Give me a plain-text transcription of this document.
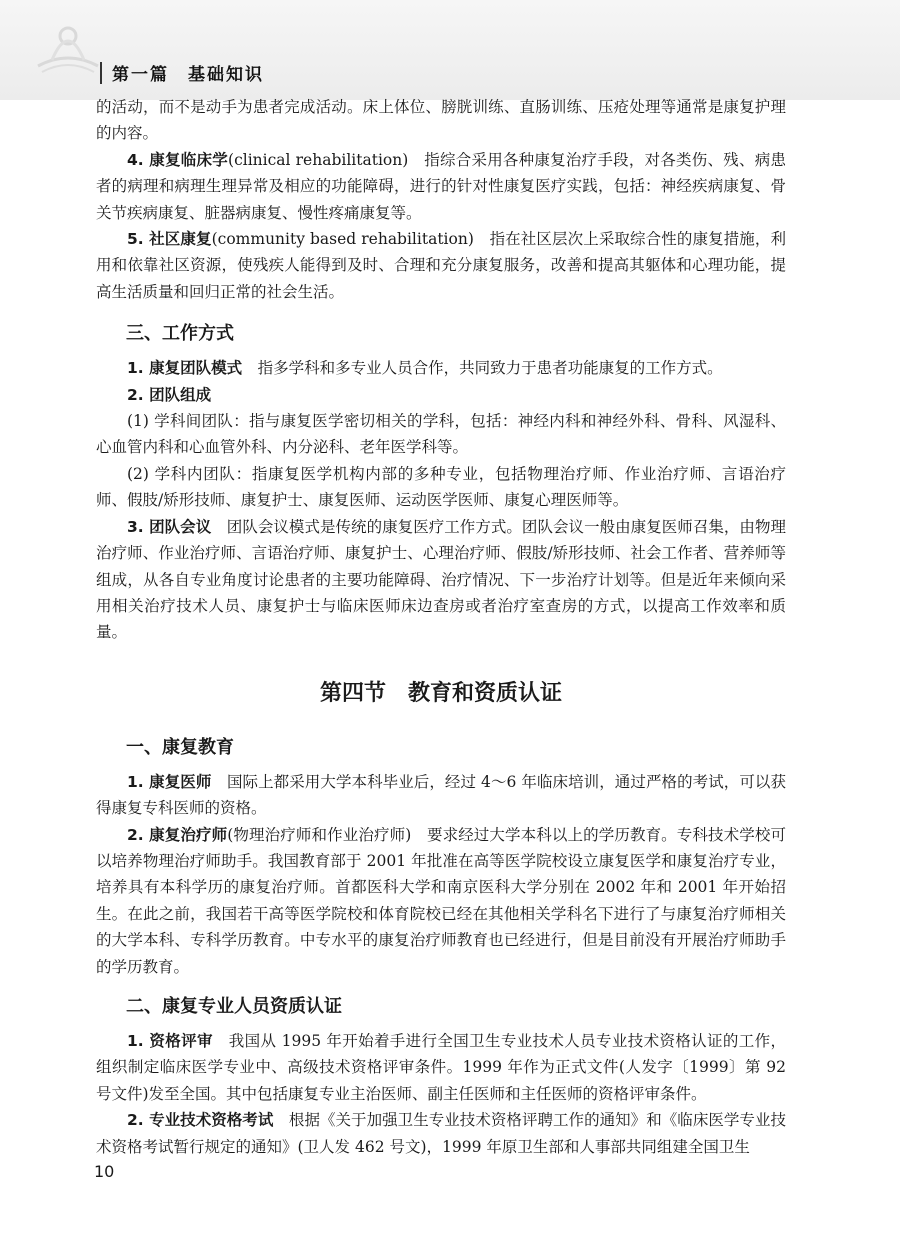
第一篇　基础知识

的活动，而不是动手为患者完成活动。床上体位、膀胱训练、直肠训练、压疮处理等通常是康复护理的内容。

4. 康复临床学(clinical rehabilitation)　指综合采用各种康复治疗手段，对各类伤、残、病患者的病理和病理生理异常及相应的功能障碍，进行的针对性康复医疗实践，包括：神经疾病康复、骨关节疾病康复、脏器病康复、慢性疼痛康复等。

5. 社区康复(community based rehabilitation)　指在社区层次上采取综合性的康复措施，利用和依靠社区资源，使残疾人能得到及时、合理和充分康复服务，改善和提高其躯体和心理功能，提高生活质量和回归正常的社会生活。

三、工作方式

1. 康复团队模式　指多学科和多专业人员合作，共同致力于患者功能康复的工作方式。

2. 团队组成

(1) 学科间团队：指与康复医学密切相关的学科，包括：神经内科和神经外科、骨科、风湿科、心血管内科和心血管外科、内分泌科、老年医学科等。

(2) 学科内团队：指康复医学机构内部的多种专业，包括物理治疗师、作业治疗师、言语治疗师、假肢/矫形技师、康复护士、康复医师、运动医学医师、康复心理医师等。

3. 团队会议　团队会议模式是传统的康复医疗工作方式。团队会议一般由康复医师召集，由物理治疗师、作业治疗师、言语治疗师、康复护士、心理治疗师、假肢/矫形技师、社会工作者、营养师等组成，从各自专业角度讨论患者的主要功能障碍、治疗情况、下一步治疗计划等。但是近年来倾向采用相关治疗技术人员、康复护士与临床医师床边查房或者治疗室查房的方式，以提高工作效率和质量。

第四节　教育和资质认证
一、康复教育

1. 康复医师　国际上都采用大学本科毕业后，经过 4～6 年临床培训，通过严格的考试，可以获得康复专科医师的资格。

2. 康复治疗师(物理治疗师和作业治疗师)　要求经过大学本科以上的学历教育。专科技术学校可以培养物理治疗师助手。我国教育部于 2001 年批准在高等医学院校设立康复医学和康复治疗专业，培养具有本科学历的康复治疗师。首都医科大学和南京医科大学分别在 2002 年和 2001 年开始招生。在此之前，我国若干高等医学院校和体育院校已经在其他相关学科名下进行了与康复治疗师相关的大学本科、专科学历教育。中专水平的康复治疗师教育也已经进行，但是目前没有开展治疗师助手的学历教育。

二、康复专业人员资质认证

1. 资格评审　我国从 1995 年开始着手进行全国卫生专业技术人员专业技术资格认证的工作，组织制定临床医学专业中、高级技术资格评审条件。1999 年作为正式文件(人发字〔1999〕第 92 号文件)发至全国。其中包括康复专业主治医师、副主任医师和主任医师的资格评审条件。

2. 专业技术资格考试　根据《关于加强卫生专业技术资格评聘工作的通知》和《临床医学专业技术资格考试暂行规定的通知》(卫人发 462 号文)，1999 年原卫生部和人事部共同组建全国卫生

10
